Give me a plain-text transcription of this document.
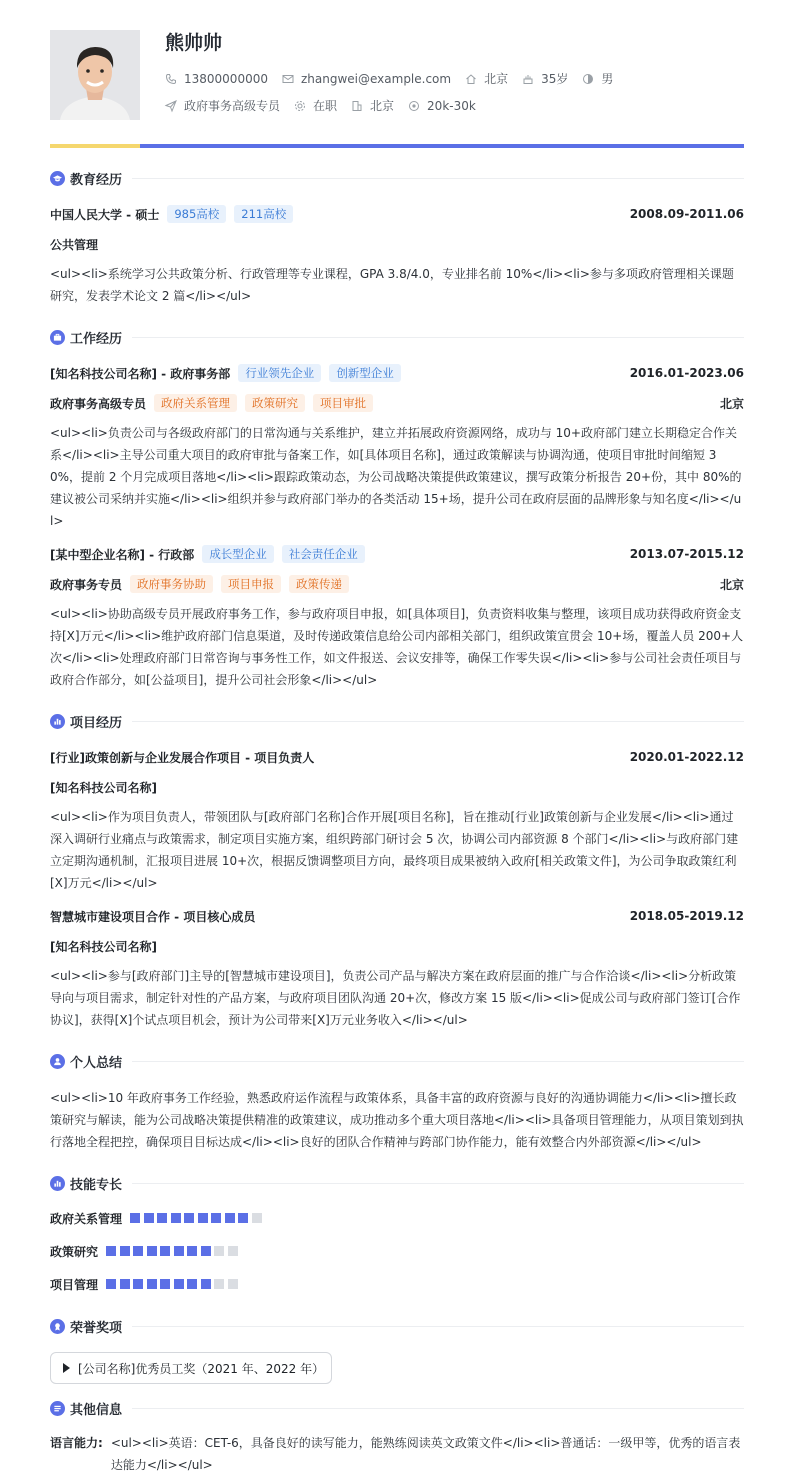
熊帅帅
13800000000	zhangwei@example.com	北京	35岁	男
政府事务高级专员	在职	北京	20k-30k
教育经历
中国人民大学 - 硕士	985高校	211高校	2008.09-2011.06
公共管理
<ul><li>系统学习公共政策分析、行政管理等专业课程，GPA 3.8/4.0，专业排名前 10%</li><li>参与多项政府管理相关课题研究，发表学术论文 2 篇</li></ul>
工作经历
[知名科技公司名称] - 政府事务部	行业领先企业	创新型企业	2016.01-2023.06
政府事务高级专员	政府关系管理	政策研究	项目审批	北京
<ul><li>负责公司与各级政府部门的日常沟通与关系维护，建立并拓展政府资源网络，成功与 10+政府部门建立长期稳定合作关系</li><li>主导公司重大项目的政府审批与备案工作，如[具体项目名称]，通过政策解读与协调沟通，使项目审批时间缩短 30%，提前 2 个月完成项目落地</li><li>跟踪政策动态，为公司战略决策提供政策建议，撰写政策分析报告 20+份，其中 80%的建议被公司采纳并实施</li><li>组织并参与政府部门举办的各类活动 15+场，提升公司在政府层面的品牌形象与知名度</li></ul>
[某中型企业名称] - 行政部	成长型企业	社会责任企业	2013.07-2015.12
政府事务专员	政府事务协助	项目申报	政策传递	北京
<ul><li>协助高级专员开展政府事务工作，参与政府项目申报，如[具体项目]，负责资料收集与整理，该项目成功获得政府资金支持[X]万元</li><li>维护政府部门信息渠道，及时传递政策信息给公司内部相关部门，组织政策宣贯会 10+场，覆盖人员 200+人次</li><li>处理政府部门日常咨询与事务性工作，如文件报送、会议安排等，确保工作零失误</li><li>参与公司社会责任项目与政府合作部分，如[公益项目]，提升公司社会形象</li></ul>
项目经历
[行业]政策创新与企业发展合作项目 - 项目负责人	2020.01-2022.12
[知名科技公司名称]
<ul><li>作为项目负责人，带领团队与[政府部门名称]合作开展[项目名称]，旨在推动[行业]政策创新与企业发展</li><li>通过深入调研行业痛点与政策需求，制定项目实施方案，组织跨部门研讨会 5 次，协调公司内部资源 8 个部门</li><li>与政府部门建立定期沟通机制，汇报项目进展 10+次，根据反馈调整项目方向，最终项目成果被纳入政府[相关政策文件]，为公司争取政策红利[X]万元</li></ul>
智慧城市建设项目合作 - 项目核心成员	2018.05-2019.12
[知名科技公司名称]
<ul><li>参与[政府部门]主导的[智慧城市建设项目]，负责公司产品与解决方案在政府层面的推广与合作洽谈</li><li>分析政策导向与项目需求，制定针对性的产品方案，与政府项目团队沟通 20+次，修改方案 15 版</li><li>促成公司与政府部门签订[合作协议]，获得[X]个试点项目机会，预计为公司带来[X]万元业务收入</li></ul>
个人总结
<ul><li>10 年政府事务工作经验，熟悉政府运作流程与政策体系，具备丰富的政府资源与良好的沟通协调能力</li><li>擅长政策研究与解读，能为公司战略决策提供精准的政策建议，成功推动多个重大项目落地</li><li>具备项目管理能力，从项目策划到执行落地全程把控，确保项目目标达成</li><li>良好的团队合作精神与跨部门协作能力，能有效整合内外部资源</li></ul>
技能专长
政府关系管理
政策研究
项目管理
荣誉奖项
[公司名称]优秀员工奖（2021 年、2022 年）
其他信息
语言能力: <ul><li>英语：CET-6，具备良好的读写能力，能熟练阅读英文政策文件</li><li>普通话：一级甲等，优秀的语言表达能力</li></ul>
